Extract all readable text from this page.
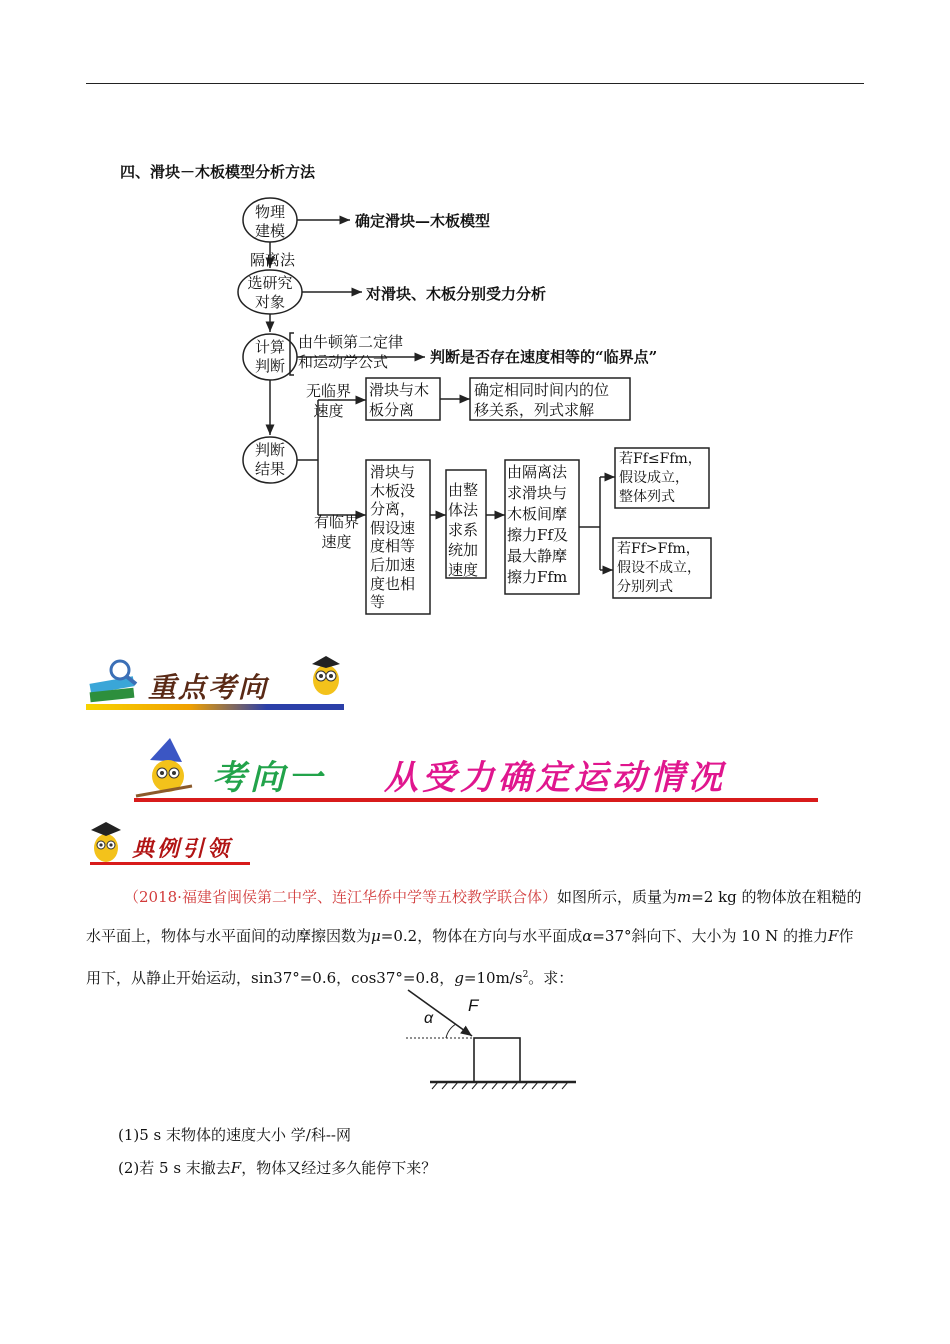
四、滑块－木板模型分析方法
物理
建模
确定滑块—木板模型
隔离法
选研究
对象	对滑块、木板分别受力分析
计算
判断
由牛顿第二定律
和运动学公式	判断是否存在速度相等的“临界点”
判断
结果
无临界
速度
滑块与木
板分离
确定相同时间内的位
移关系，列式求解
有临界
速度
滑块与
木板没
分离，
假设速
度相等
后加速
度也相
等
由整
体法
求系
统加
速度
由隔离法
求滑块与
木板间摩
擦力Ff及
最大静摩
擦力Ffm
若Ff≤Ffm，
假设成立，
整体列式
若Ff>Ffm，
假设不成立，
分别列式
重点考向
考向一 从受力确定运动情况
典例引领
（2018·福建省闽侯第二中学、连江华侨中学等五校教学联合体）如图所示，质量为m=2 kg 的物体放在粗糙的水平面上，物体与水平面间的动摩擦因数为μ=0.2，物体在方向与水平面成α=37°斜向下、大小为 10 N 的推力F作用下，从静止开始运动，sin37°=0.6，cos37°=0.8，$g=10m/s^2$。求：
F
α
(1)5 s 末物体的速度大小 学/科--网
(2)若 5 s 末撤去F，物体又经过多久能停下来？
